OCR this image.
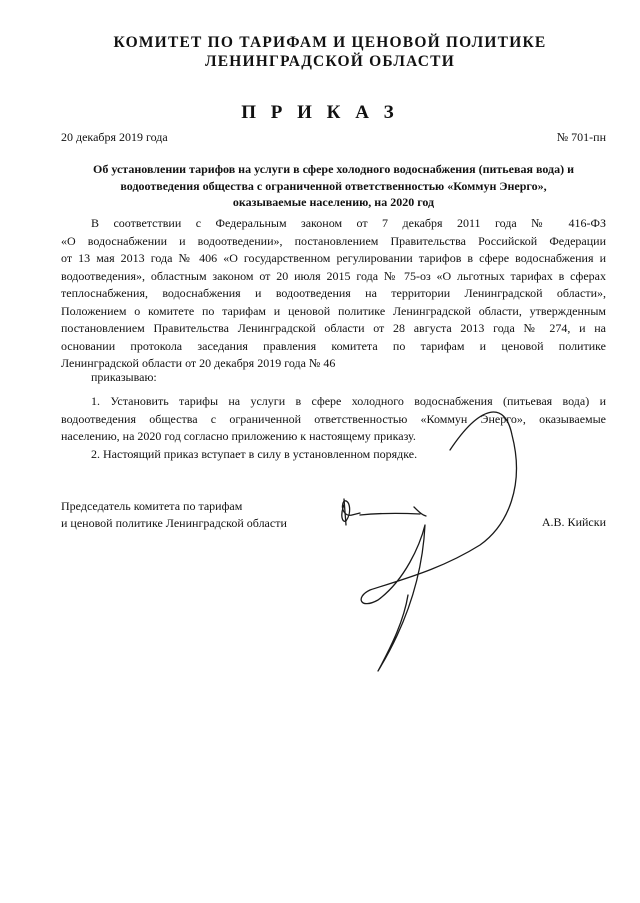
КОМИТЕТ ПО ТАРИФАМ И ЦЕНОВОЙ ПОЛИТИКЕ
ЛЕНИНГРАДСКОЙ ОБЛАСТИ
П Р И К А З
20 декабря 2019 года	№ 701-пн
Об установлении тарифов на услуги в сфере холодного водоснабжения (питьевая вода) и
водоотведения общества с ограниченной ответственностью «Коммун Энерго»,
оказываемые населению, на 2020 год
В соответствии с Федеральным законом от 7 декабря 2011 года № 416-ФЗ
«О водоснабжении и водоотведении», постановлением Правительства Российской Федерации
от 13 мая 2013 года № 406 «О государственном регулировании тарифов в сфере водоснабжения и
водоотведения», областным законом от 20 июля 2015 года № 75-оз «О льготных тарифах в сферах
теплоснабжения, водоснабжения и водоотведения на территории Ленинградской области»,
Положением о комитете по тарифам и ценовой политике Ленинградской области, утвержденным
постановлением Правительства Ленинградской области от 28 августа 2013 года № 274, и на
основании протокола заседания правления комитета по тарифам и ценовой политике
Ленинградской области от 20 декабря 2019 года № 46
приказываю:
1. Установить тарифы на услуги в сфере холодного водоснабжения (питьевая вода) и
водоотведения общества с ограниченной ответственностью «Коммун Энерго», оказываемые
населению, на 2020 год согласно приложению к настоящему приказу.
2. Настоящий приказ вступает в силу в установленном порядке.
Председатель комитета по тарифам
и ценовой политике Ленинградской области	А.В. Кийски
